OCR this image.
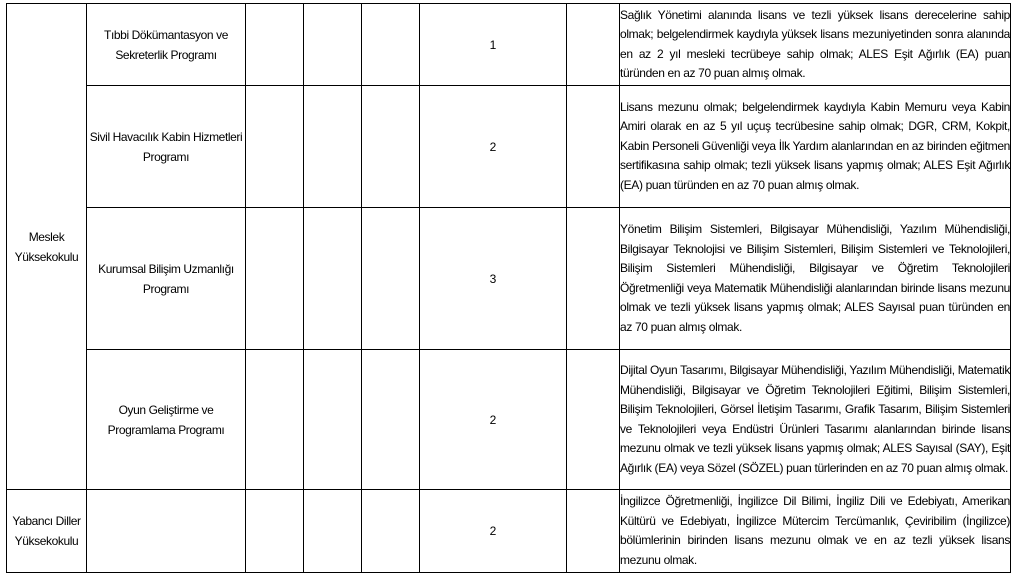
Meslek Yüksekokulu	Tıbbi Dökümantasyon ve Sekreterlik Programı				1		Sağlık Yönetimi alanında lisans ve tezli yüksek lisans derecelerine sahip olmak; belgelendirmek kaydıyla yüksek lisans mezuniyetinden sonra alanında en az 2 yıl mesleki tecrübeye sahip olmak; ALES Eşit Ağırlık (EA) puan türünden en az 70 puan almış olmak.

	Sivil Havacılık Kabin Hizmetleri Programı				2		Lisans mezunu olmak; belgelendirmek kaydıyla Kabin Memuru veya Kabin Amiri olarak en az 5 yıl uçuş tecrübesine sahip olmak; DGR, CRM, Kokpit, Kabin Personeli Güvenliği veya İlk Yardım alanlarından en az birinden eğitmen sertifikasına sahip olmak; tezli yüksek lisans yapmış olmak; ALES Eşit Ağırlık (EA) puan türünden en az 70 puan almış olmak.

	Kurumsal Bilişim Uzmanlığı Programı				3		Yönetim Bilişim Sistemleri, Bilgisayar Mühendisliği, Yazılım Mühendisliği, Bilgisayar Teknolojisi ve Bilişim Sistemleri, Bilişim Sistemleri ve Teknolojileri, Bilişim Sistemleri Mühendisliği, Bilgisayar ve Öğretim Teknolojileri Öğretmenliği veya Matematik Mühendisliği alanlarından birinde lisans mezunu olmak ve tezli yüksek lisans yapmış olmak; ALES Sayısal puan türünden en az 70 puan almış olmak.

	Oyun Geliştirme ve Programlama Programı				2		Dijital Oyun Tasarımı, Bilgisayar Mühendisliği, Yazılım Mühendisliği, Matematik Mühendisliği, Bilgisayar ve Öğretim Teknolojileri Eğitimi, Bilişim Sistemleri, Bilişim Teknolojileri, Görsel İletişim Tasarımı, Grafik Tasarım, Bilişim Sistemleri ve Teknolojileri veya Endüstri Ürünleri Tasarımı alanlarından birinde lisans mezunu olmak ve tezli yüksek lisans yapmış olmak; ALES Sayısal (SAY), Eşit Ağırlık (EA) veya Sözel (SÖZEL) puan türlerinden en az 70 puan almış olmak.

Yabancı Diller Yüksekokulu					2		İngilizce Öğretmenliği, İngilizce Dil Bilimi, İngiliz Dili ve Edebiyatı, Amerikan Kültürü ve Edebiyatı, İngilizce Mütercim Tercümanlık, Çeviribilim (İngilizce) bölümlerinin birinden lisans mezunu olmak ve en az tezli yüksek lisans mezunu olmak.
